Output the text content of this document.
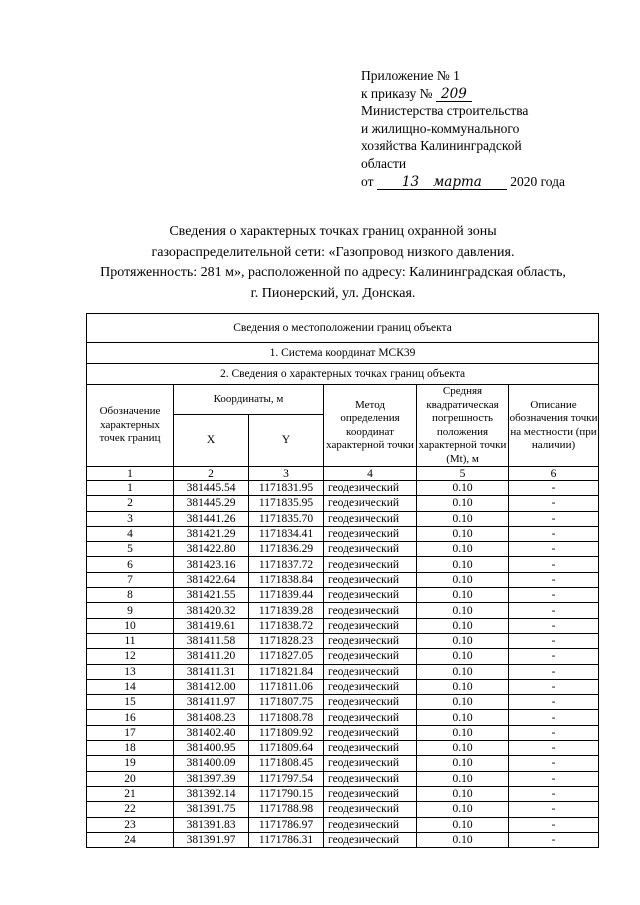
Приложение № 1
к приказу № 209
Министерства строительства
и жилищно-коммунального
хозяйства Калининградской
области
от 13 марта 2020 года
Сведения о характерных точках границ охранной зоны
газораспределительной сети: «Газопровод низкого давления.
Протяженность: 281 м», расположенной по адресу: Калининградская область,
г. Пионерский, ул. Донская.
Сведения о местоположении границ объекта					
1. Система координат МСК39					
2. Сведения о характерных точках границ объекта					
Обозначение характерных точек границ	Координаты, м		Метод определения координат характерной точки	Средняя квадратическая погрешность положения характерной точки (Mt), м	Описание обозначения точки на местности (при наличии)
	X	Y			
1	2	3	4	5	6
1	381445.54	1171831.95	геодезический	0.10	-
2	381445.29	1171835.95	геодезический	0.10	-
3	381441.26	1171835.70	геодезический	0.10	-
4	381421.29	1171834.41	геодезический	0.10	-
5	381422.80	1171836.29	геодезический	0.10	-
6	381423.16	1171837.72	геодезический	0.10	-
7	381422.64	1171838.84	геодезический	0.10	-
8	381421.55	1171839.44	геодезический	0.10	-
9	381420.32	1171839.28	геодезический	0.10	-
10	381419.61	1171838.72	геодезический	0.10	-
11	381411.58	1171828.23	геодезический	0.10	-
12	381411.20	1171827.05	геодезический	0.10	-
13	381411.31	1171821.84	геодезический	0.10	-
14	381412.00	1171811.06	геодезический	0.10	-
15	381411.97	1171807.75	геодезический	0.10	-
16	381408.23	1171808.78	геодезический	0.10	-
17	381402.40	1171809.92	геодезический	0.10	-
18	381400.95	1171809.64	геодезический	0.10	-
19	381400.09	1171808.45	геодезический	0.10	-
20	381397.39	1171797.54	геодезический	0.10	-
21	381392.14	1171790.15	геодезический	0.10	-
22	381391.75	1171788.98	геодезический	0.10	-
23	381391.83	1171786.97	геодезический	0.10	-
24	381391.97	1171786.31	геодезический	0.10	-
